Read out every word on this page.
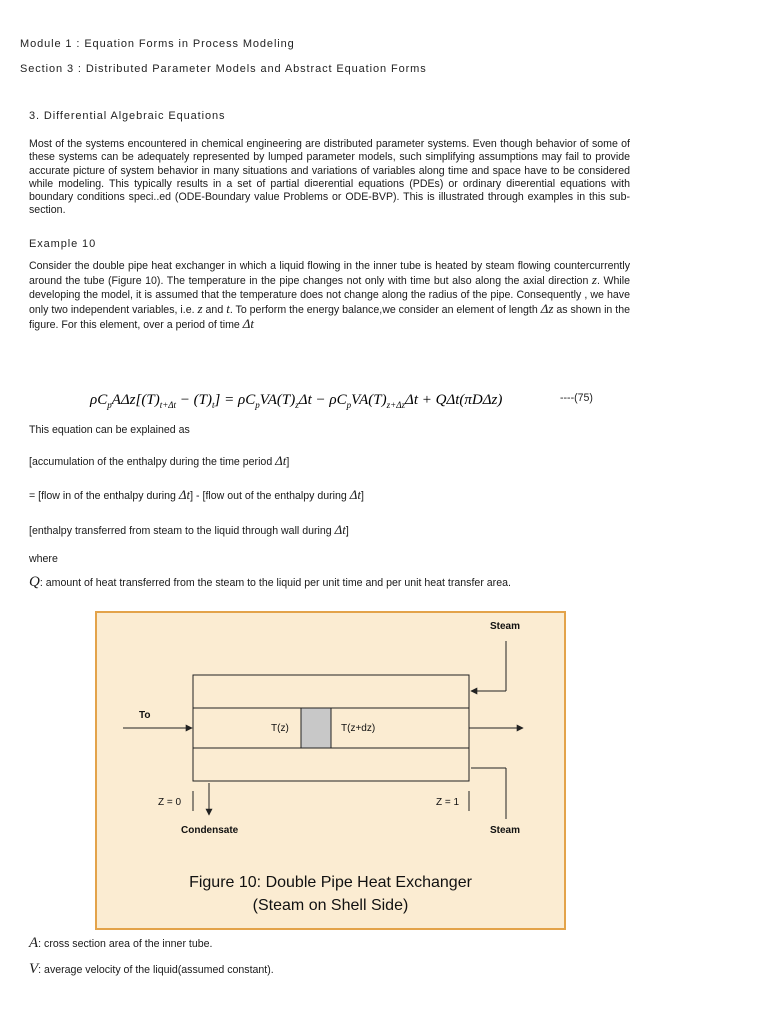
Module 1 : Equation Forms in Process Modeling
Section 3 : Distributed Parameter Models and Abstract Equation Forms
3. Differential Algebraic Equations
Most of the systems encountered in chemical engineering are distributed parameter systems. Even though behavior of some of these systems can be adequately represented by lumped parameter models, such simplifying assumptions may fail to provide accurate picture of system behavior in many situations and variations of variables along time and space have to be considered while modeling. This typically results in a set of partial di¤erential equations (PDEs) or ordinary di¤erential equations with boundary conditions speci..ed (ODE-Boundary value Problems or ODE-BVP). This is illustrated through examples in this sub-section.
Example 10
Consider the double pipe heat exchanger in which a liquid flowing in the inner tube is heated by steam flowing countercurrently around the tube (Figure 10). The temperature in the pipe changes not only with time but also along the axial direction z. While developing the model, it is assumed that the temperature does not change along the radius of the pipe. Consequently , we have only two independent variables, i.e. z and t. To perform the energy balance,we consider an element of length Δz as shown in the figure. For this element, over a period of time Δt
$\rho C_pA\Delta z[(T)_{t+\Delta t} - (T)_t] = \rho C_pVA(T)_z\Delta t - \rho C_pVA(T)_{z+\Delta z}\Delta t + Q\Delta t(\pi D\Delta z)$	----(75)
This equation can be explained as
[accumulation of the enthalpy during the time period Δt]
= [flow in of the enthalpy during Δt] - [flow out of the enthalpy during Δt]
[enthalpy transferred from steam to the liquid through wall during Δt]
where
Q: amount of heat transferred from the steam to the liquid per unit time and per unit heat transfer area.
Steam
To
T(z)	T(z+dz)
Z = 0	Z = 1
Condensate	Steam
Figure 10: Double Pipe Heat Exchanger
(Steam on Shell Side)
A: cross section area of the inner tube.
V: average velocity of the liquid(assumed constant).
